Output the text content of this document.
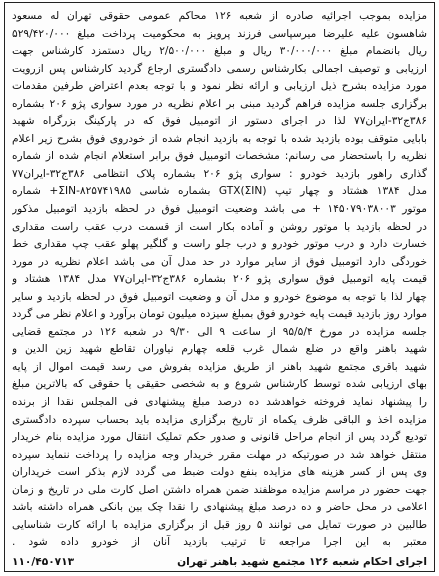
مزایده بموجب اجرائیه صادره از شعبه ۱۲۶ محاکم عمومی حقوقی تهران له مسعود
شاهسون علیه علیرضا میرسپاسی فرزند پرویز به محکومیت پرداخت مبلغ ۵۲۹/۴۲۰/۰۰۰
ریال بانضمام مبلغ ۳۰/۰۰۰/۰۰۰ ریال و مبلغ ۲/۵۰۰/۰۰۰ ریال دستمزد کارشناس جهت
ارزیابی و توصیف اجمالی بکارشناس رسمی دادگستری ارجاع گردید کارشناس پس ازرویت
مورد مزایده بشرح ذیل ارزیابی و ارائه نظر نمود و با توجه بعدم اعتراض طرفین مقدمات
برگزاری جلسه مزایده فراهم گردید مبنی بر اعلام نظریه در مورد سواری پژو ۲۰۶ بشماره
۳۸۶ج۳۲-ایران۷۷ لذا در اجرای دستور از اتومبیل فوق که در پارکینگ بزرگراه شهید
بابایی متوقف بوده بازدید شده با توجه به بازدید انجام شده از خودروی فوق بشرح زیر اعلام
نظریه را باستحضار می رسانم: مشخصات اتومبیل فوق برابر استعلام انجام شده از شماره
گذاری راهور بازدید خودرو : سواری پژو ۲۰۶ بشماره پلاک انتظامی ۳۸۶ج۳۲-ایران۷۷
مدل ۱۳۸۴ هشتاد و چهار تیپ GTX(ΣΙΝ) بشماره شاسی ۸۲۵۷۴۱۹۸۵-ΣΙΝ+ شماره
موتور ۱۴۵۰۷۹۰۳۸۰۰۳ + می باشد وضعیت اتومبیل فوق در لحظه بازدید اتومبیل مذکور
در لحظه بازدید با موتور روشن و آماده بکار است از قسمت درب عقب راست مقداری
خسارت دارد و درب موتور خودرو و درب جلو راست و گلگیر پهلو عقب چپ مقداری خط
خوردگی دارد اتومبیل فوق از سایر موارد در حد مدل آن می باشد اعلام نظریه در مورد
قیمت پایه اتومبیل فوق سواری پژو ۲۰۶ بشماره ۳۸۶ج۳۲-ایران۷۷ مدل ۱۳۸۴ هشتاد و
چهار لذا با توجه به موضوع خودرو و مدل آن و وضعیت اتومبیل فوق در لحظه بازدید و سایر
موارد روز بازدید قیمت پایه خودرو فوق بمبلغ سیزده میلیون تومان برآورد و اعلام نظر می گردد
جلسه مزایده در مورخ ۹۵/۵/۴ از ساعت ۹ الی ۹/۳۰ در شعبه ۱۲۶ در مجتمع قضایی
شهید باهنر واقع در ضلع شمال غرب قلعه چهارم نیاوران تقاطع شهید زین الدین و
شهید باقری مجتمع شهید باهنر از طریق مزایده بفروش می رسد قیمت اموال از پایه
بهای ارزیابی شده توسط کارشناس شروع و به شخصی حقیقی یا حقوقی که بالاترین مبلغ
را پیشنهاد نماید فروخته خواهدشد ده درصد مبلغ پیشنهادی فی المجلس نقدا از برنده
مزایده اخذ و الباقی ظرف یکماه از تاریخ برگزاری مزایده باید بحساب سپرده دادگستری
تودیع گردد پس از انجام مراحل قانونی و صدور حکم تملیک انتقال مورد مزایده بنام خریدار
منتقل خواهد شد در صورتیکه در مهلت مقرر خریدار وجه مزایده را پرداخت ننماید سپرده
وی پس از کسر هزینه های مزایده بنفع دولت ضبط می گردد لازم بذکر است خریداران
جهت حضور در مراسم مزایده موظفند ضمن همراه داشتن اصل کارت ملی در تاریخ و زمان
اعلامی در محل حاضر و ده درصد مبلغ پیشنهادی را نقدا چک بین بانکی همراه داشته باشد
طالبین در صورت تمایل می توانند ۵ روز قبل از برگزاری مزایده با ارائه کارت شناسایی
معتبر به این اجرا مراجعه تا ترتیب بازدید آنان از خودرو داده شود .
اجرای احکام شعبه ۱۲۶ مجتمع شهید باهنر تهران
۱۱۰/۴۵۰۷۱۳
